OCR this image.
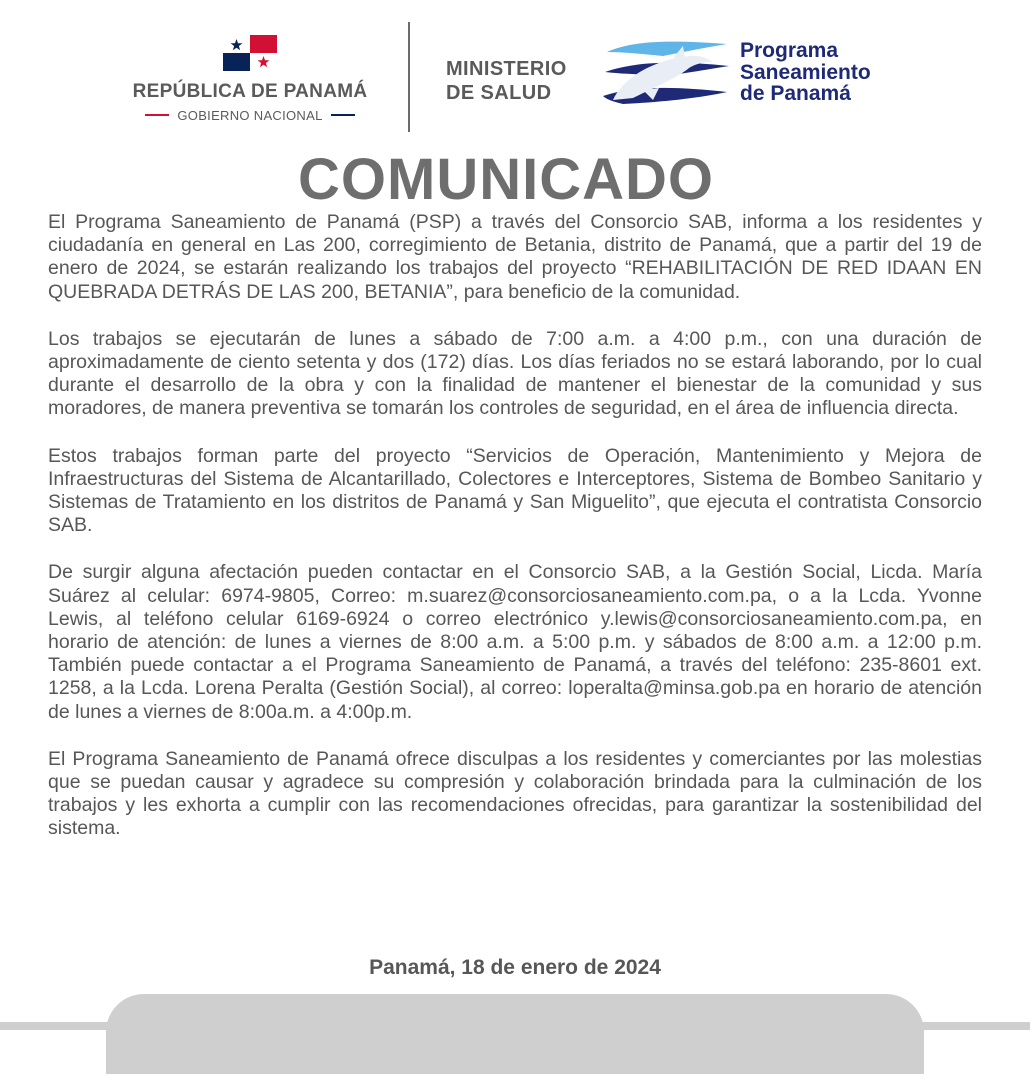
REPÚBLICA DE PANAMÁ
GOBIERNO NACIONAL
MINISTERIO
DE SALUD
Programa
Saneamiento
de Panamá
COMUNICADO

El Programa Saneamiento de Panamá (PSP) a través del Consorcio SAB, informa a los residentes y ciudadanía en general en Las 200, corregimiento de Betania, distrito de Panamá, que a partir del 19 de enero de 2024, se estarán realizando los trabajos del proyecto “REHABILITACIÓN DE RED IDAAN EN QUEBRADA DETRÁS DE LAS 200, BETANIA”, para beneficio de la comunidad.

Los trabajos se ejecutarán de lunes a sábado de 7:00 a.m. a 4:00 p.m., con una duración de aproximadamente de ciento setenta y dos (172) días. Los días feriados no se estará laborando, por lo cual durante el desarrollo de la obra y con la finalidad de mantener el bienestar de la comunidad y sus moradores, de manera preventiva se tomarán los controles de seguridad, en el área de influencia directa.

Estos trabajos forman parte del proyecto “Servicios de Operación, Mantenimiento y Mejora de Infraestructuras del Sistema de Alcantarillado, Colectores e Interceptores, Sistema de Bombeo Sanitario y Sistemas de Tratamiento en los distritos de Panamá y San Miguelito”, que ejecuta el contratista Consorcio SAB.

De surgir alguna afectación pueden contactar en el Consorcio SAB, a la Gestión Social, Licda. María Suárez al celular: 6974-9805, Correo: m.suarez@consorciosaneamiento.com.pa, o a la Lcda. Yvonne Lewis, al teléfono celular 6169-6924 o correo electrónico y.lewis@consorciosaneamiento.com.pa, en horario de atención: de lunes a viernes de 8:00 a.m. a 5:00 p.m. y sábados de 8:00 a.m. a 12:00 p.m. También puede contactar a el Programa Saneamiento de Panamá, a través del teléfono: 235-8601 ext. 1258, a la Lcda. Lorena Peralta (Gestión Social), al correo: loperalta@minsa.gob.pa en horario de atención de lunes a viernes de 8:00a.m. a 4:00p.m.

El Programa Saneamiento de Panamá ofrece disculpas a los residentes y comerciantes por las molestias que se puedan causar y agradece su compresión y colaboración brindada para la culminación de los trabajos y les exhorta a cumplir con las recomendaciones ofrecidas, para garantizar la sostenibilidad del sistema.

Panamá, 18 de enero de 2024
